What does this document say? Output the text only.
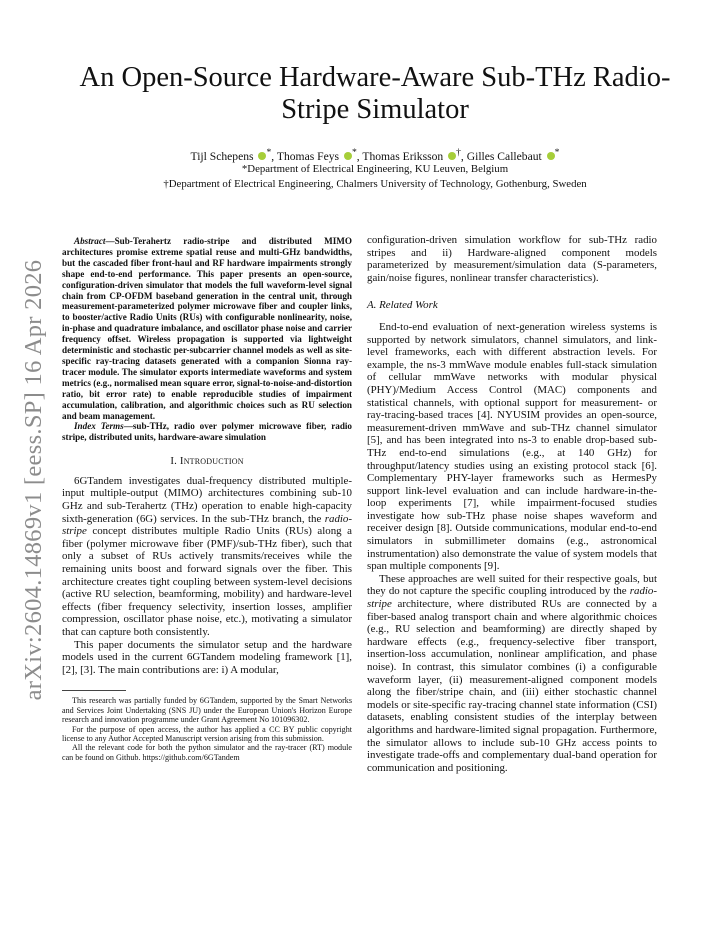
arXiv:2604.14869v1 [eess.SP] 16 Apr 2026
An Open-Source Hardware-Aware Sub-THz Radio-Stripe Simulator
Tijl Schepens *, Thomas Feys *, Thomas Eriksson †, Gilles Callebaut *
*Department of Electrical Engineering, KU Leuven, Belgium
†Department of Electrical Engineering, Chalmers University of Technology, Gothenburg, Sweden

Abstract—Sub-Terahertz radio-stripe and distributed MIMO architectures promise extreme spatial reuse and multi-GHz bandwidths, but the cascaded fiber front-haul and RF hardware impairments strongly shape end-to-end performance. This paper presents an open-source, configuration-driven simulator that models the full waveform-level signal chain from CP-OFDM baseband generation in the central unit, through measurement-parameterized polymer microwave fiber and coupler links, to booster/active Radio Units (RUs) with configurable nonlinearity, noise, in-phase and quadrature imbalance, and oscillator phase noise and carrier frequency offset. Wireless propagation is supported via lightweight deterministic and stochastic per-subcarrier channel models as well as site-specific ray-tracing datasets generated with a companion Sionna ray-tracer module. The simulator exports intermediate waveforms and system metrics (e.g., normalised mean square error, signal-to-noise-and-distortion ratio, bit error rate) to enable reproducible studies of impairment accumulation, calibration, and algorithmic choices such as RU selection and beam management.

Index Terms—sub-THz, radio over polymer microwave fiber, radio stripe, distributed units, hardware-aware simulation

I. Introduction

6GTandem investigates dual-frequency distributed multiple-input multiple-output (MIMO) architectures combining sub-10 GHz and sub-Terahertz (THz) operation to enable high-capacity sixth-generation (6G) services. In the sub-THz branch, the radio-stripe concept distributes multiple Radio Units (RUs) along a fiber (polymer microwave fiber (PMF)/sub-THz fiber), such that only a subset of RUs actively transmits/receives while the remaining units boost and forward signals over the fiber. This architecture creates tight coupling between system-level decisions (active RU selection, beamforming, mobility) and hardware-level effects (fiber frequency selectivity, insertion losses, amplifier compression, oscillator phase noise, etc.), motivating a simulator that can capture both consistently.

This paper documents the simulator setup and the hardware models used in the current 6GTandem modeling framework [1], [2], [3]. The main contributions are: i) A modular,

This research was partially funded by 6GTandem, supported by the Smart Networks and Services Joint Undertaking (SNS JU) under the European Union's Horizon Europe research and innovation programme under Grant Agreement No 101096302.

For the purpose of open access, the author has applied a CC BY public copyright license to any Author Accepted Manuscript version arising from this submission.

All the relevant code for both the python simulator and the ray-tracer (RT) module can be found on Github. https://github.com/6GTandem

configuration-driven simulation workflow for sub-THz radio stripes and ii) Hardware-aligned component models parameterized by measurement/simulation data (S-parameters, gain/noise figures, nonlinear transfer characteristics).

A. Related Work

End-to-end evaluation of next-generation wireless systems is supported by network simulators, channel simulators, and link-level frameworks, each with different abstraction levels. For example, the ns-3 mmWave module enables full-stack simulation of cellular mmWave networks with modular physical (PHY)/Medium Access Control (MAC) components and statistical channels, with optional support for measurement- or ray-tracing-based traces [4]. NYUSIM provides an open-source, measurement-driven mmWave and sub-THz channel simulator [5], and has been integrated into ns-3 to enable drop-based sub-THz end-to-end simulations (e.g., at 140 GHz) for throughput/latency studies using an existing protocol stack [6]. Complementary PHY-layer frameworks such as HermesPy support link-level evaluation and can include hardware-in-the-loop experiments [7], while impairment-focused studies investigate how sub-THz phase noise shapes waveform and receiver design [8]. Outside communications, modular end-to-end simulators in submillimeter domains (e.g., astronomical instrumentation) also demonstrate the value of system models that span multiple components [9].

These approaches are well suited for their respective goals, but they do not capture the specific coupling introduced by the radio-stripe architecture, where distributed RUs are connected by a fiber-based analog transport chain and where algorithmic choices (e.g., RU selection and beamforming) are directly shaped by hardware effects (e.g., frequency-selective fiber transport, insertion-loss accumulation, nonlinear amplification, and phase noise). In contrast, this simulator combines (i) a configurable waveform layer, (ii) measurement-aligned component models along the fiber/stripe chain, and (iii) either stochastic channel models or site-specific ray-tracing channel state information (CSI) datasets, enabling consistent studies of the interplay between algorithms and hardware-limited signal propagation. Furthermore, the simulator allows to include sub-10 GHz access points to investigate trade-offs and complementary dual-band operation for communication and positioning.
